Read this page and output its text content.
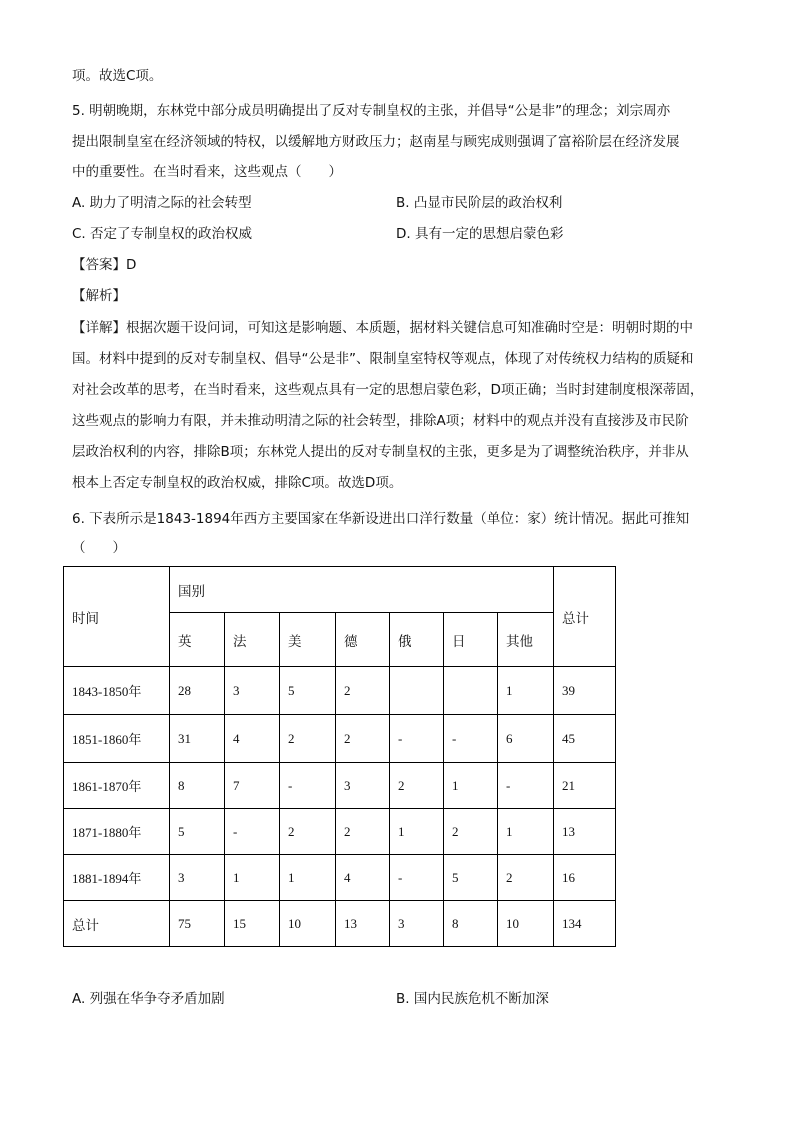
项。故选C项。
5. 明朝晚期，东林党中部分成员明确提出了反对专制皇权的主张，并倡导“公是非”的理念；刘宗周亦
提出限制皇室在经济领域的特权，以缓解地方财政压力；赵南星与顾宪成则强调了富裕阶层在经济发展
中的重要性。在当时看来，这些观点（　　）
A. 助力了明清之际的社会转型	B. 凸显市民阶层的政治权利
C. 否定了专制皇权的政治权威	D. 具有一定的思想启蒙色彩
【答案】D
【解析】
【详解】根据次题干设问词，可知这是影响题、本质题，据材料关键信息可知准确时空是：明朝时期的中
国。材料中提到的反对专制皇权、倡导“公是非”、限制皇室特权等观点，体现了对传统权力结构的质疑和
对社会改革的思考，在当时看来，这些观点具有一定的思想启蒙色彩，D项正确；当时封建制度根深蒂固，
这些观点的影响力有限，并未推动明清之际的社会转型，排除A项；材料中的观点并没有直接涉及市民阶
层政治权利的内容，排除B项；东林党人提出的反对专制皇权的主张，更多是为了调整统治秩序，并非从
根本上否定专制皇权的政治权威，排除C项。故选D项。
6. 下表所示是1843-1894年西方主要国家在华新设进出口洋行数量（单位：家）统计情况。据此可推知
（　　）
时间	国别							总计
	英	法	美	德	俄	日	其他	
1843-1850年	28	3	5	2			1	39
1851-1860年	31	4	2	2	-	-	6	45
1861-1870年	8	7	-	3	2	1	-	21
1871-1880年	5	-	2	2	1	2	1	13
1881-1894年	3	1	1	4	-	5	2	16
总计	75	15	10	13	3	8	10	134
A. 列强在华争夺矛盾加剧	B. 国内民族危机不断加深
